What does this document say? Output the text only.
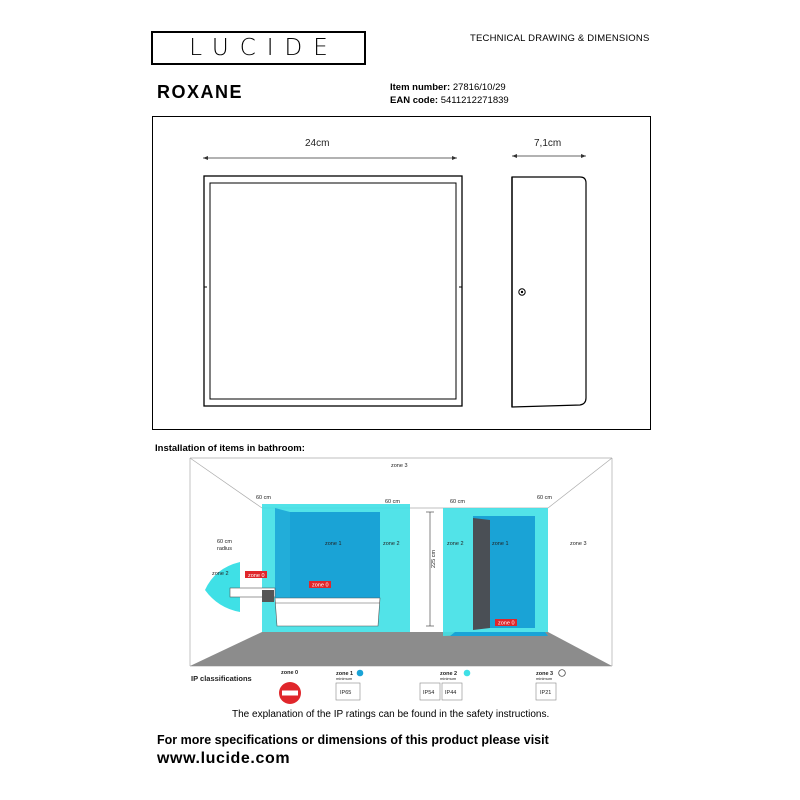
LUCIDE	TECHNICAL DRAWING & DIMENSIONS
ROXANE	Item number: 27816/10/29
EAN code: 5411212271839
24cm	7,1cm
Installation of items in bathroom:
zone 3
60 cm
60 cm	60 cm
60 cm
60 cm
radius
zone 2	zone 0
zone 1	zone 2
zone 0
225 cm
zone 2	zone 1	zone 3
zone 0
IP classifications
zone 0	zone 1
minimum
IP65
zone 2
minimum
IP54 IP44
zone 3
minimum
IP21
The explanation of the IP ratings can be found in the safety instructions.
For more specifications or dimensions of this product please visit
www.lucide.com
